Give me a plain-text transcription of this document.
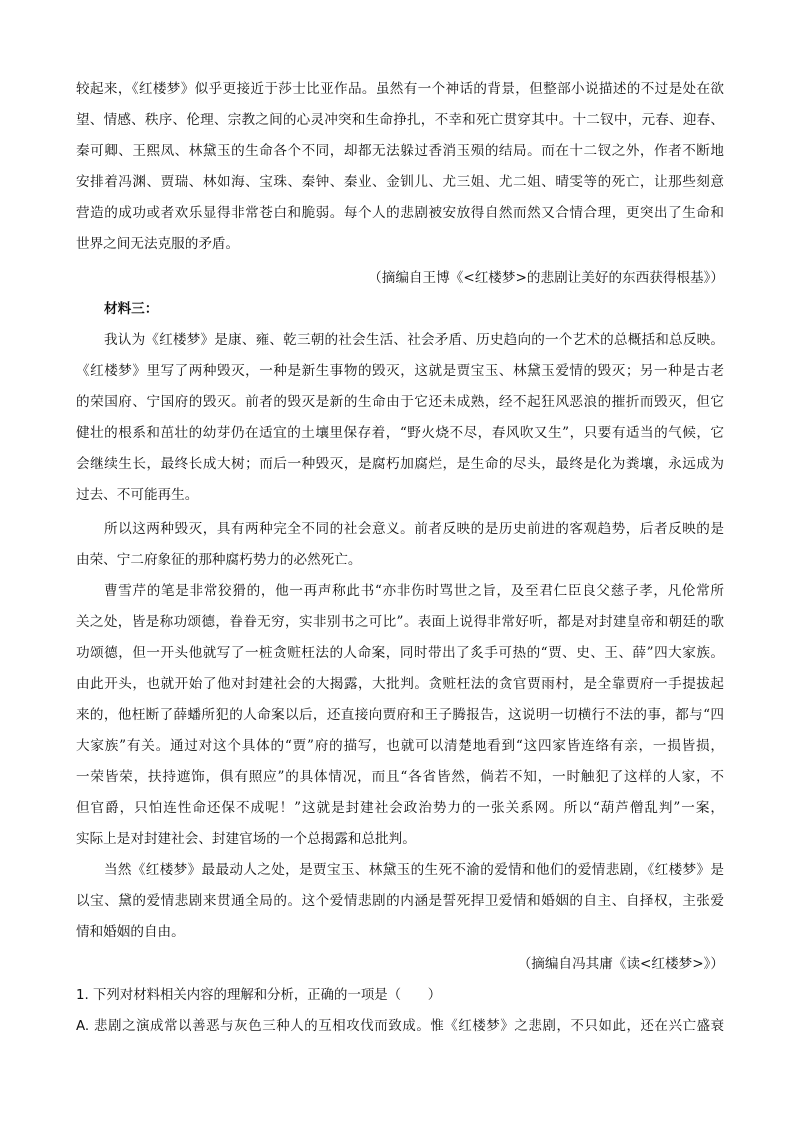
较起来，《红楼梦》似乎更接近于莎士比亚作品。虽然有一个神话的背景，但整部小说描述的不过是处在欲
望、情感、秩序、伦理、宗教之间的心灵冲突和生命挣扎，不幸和死亡贯穿其中。十二钗中，元春、迎春、
秦可卿、王熙凤、林黛玉的生命各个不同，却都无法躲过香消玉殒的结局。而在十二钗之外，作者不断地
安排着冯渊、贾瑞、林如海、宝珠、秦钟、秦业、金钏儿、尤三姐、尤二姐、晴雯等的死亡，让那些刻意
营造的成功或者欢乐显得非常苍白和脆弱。每个人的悲剧被安放得自然而然又合情合理，更突出了生命和
世界之间无法克服的矛盾。
（摘编自王博《<红楼梦>的悲剧让美好的东西获得根基》）
材料三：
我认为《红楼梦》是康、雍、乾三朝的社会生活、社会矛盾、历史趋向的一个艺术的总概括和总反映。
《红楼梦》里写了两种毁灭，一种是新生事物的毁灭，这就是贾宝玉、林黛玉爱情的毁灭；另一种是古老
的荣国府、宁国府的毁灭。前者的毁灭是新的生命由于它还未成熟，经不起狂风恶浪的摧折而毁灭，但它
健壮的根系和茁壮的幼芽仍在适宜的土壤里保存着，“野火烧不尽，春风吹又生”，只要有适当的气候，它
会继续生长，最终长成大树；而后一种毁灭，是腐朽加腐烂，是生命的尽头，最终是化为粪壤，永远成为
过去、不可能再生。
所以这两种毁灭，具有两种完全不同的社会意义。前者反映的是历史前进的客观趋势，后者反映的是
由荣、宁二府象征的那种腐朽势力的必然死亡。
曹雪芹的笔是非常狡猾的，他一再声称此书“亦非伤时骂世之旨，及至君仁臣良父慈子孝，凡伦常所
关之处，皆是称功颂德，眷眷无穷，实非别书之可比”。表面上说得非常好听，都是对封建皇帝和朝廷的歌
功颂德，但一开头他就写了一桩贪赃枉法的人命案，同时带出了炙手可热的“贾、史、王、薛”四大家族。
由此开头，也就开始了他对封建社会的大揭露，大批判。贪赃枉法的贪官贾雨村，是全靠贾府一手提拔起
来的，他枉断了薛蟠所犯的人命案以后，还直接向贾府和王子腾报告，这说明一切横行不法的事，都与“四
大家族”有关。通过对这个具体的“贾”府的描写，也就可以清楚地看到“这四家皆连络有亲，一损皆损，
一荣皆荣，扶持遮饰，俱有照应”的具体情况，而且“各省皆然，倘若不知，一时触犯了这样的人家，不
但官爵，只怕连性命还保不成呢！”这就是封建社会政治势力的一张关系网。所以“葫芦僧乱判”一案，
实际上是对封建社会、封建官场的一个总揭露和总批判。
当然《红楼梦》最最动人之处，是贾宝玉、林黛玉的生死不渝的爱情和他们的爱情悲剧，《红楼梦》是
以宝、黛的爱情悲剧来贯通全局的。这个爱情悲剧的内涵是誓死捍卫爱情和婚姻的自主、自择权，主张爱
情和婚姻的自由。
（摘编自冯其庸《读<红楼梦>》）
1. 下列对材料相关内容的理解和分析，正确的一项是（　　）
A. 悲剧之演成常以善恶与灰色三种人的互相攻伐而致成。惟《红楼梦》之悲剧，不只如此，还在兴亡盛衰
